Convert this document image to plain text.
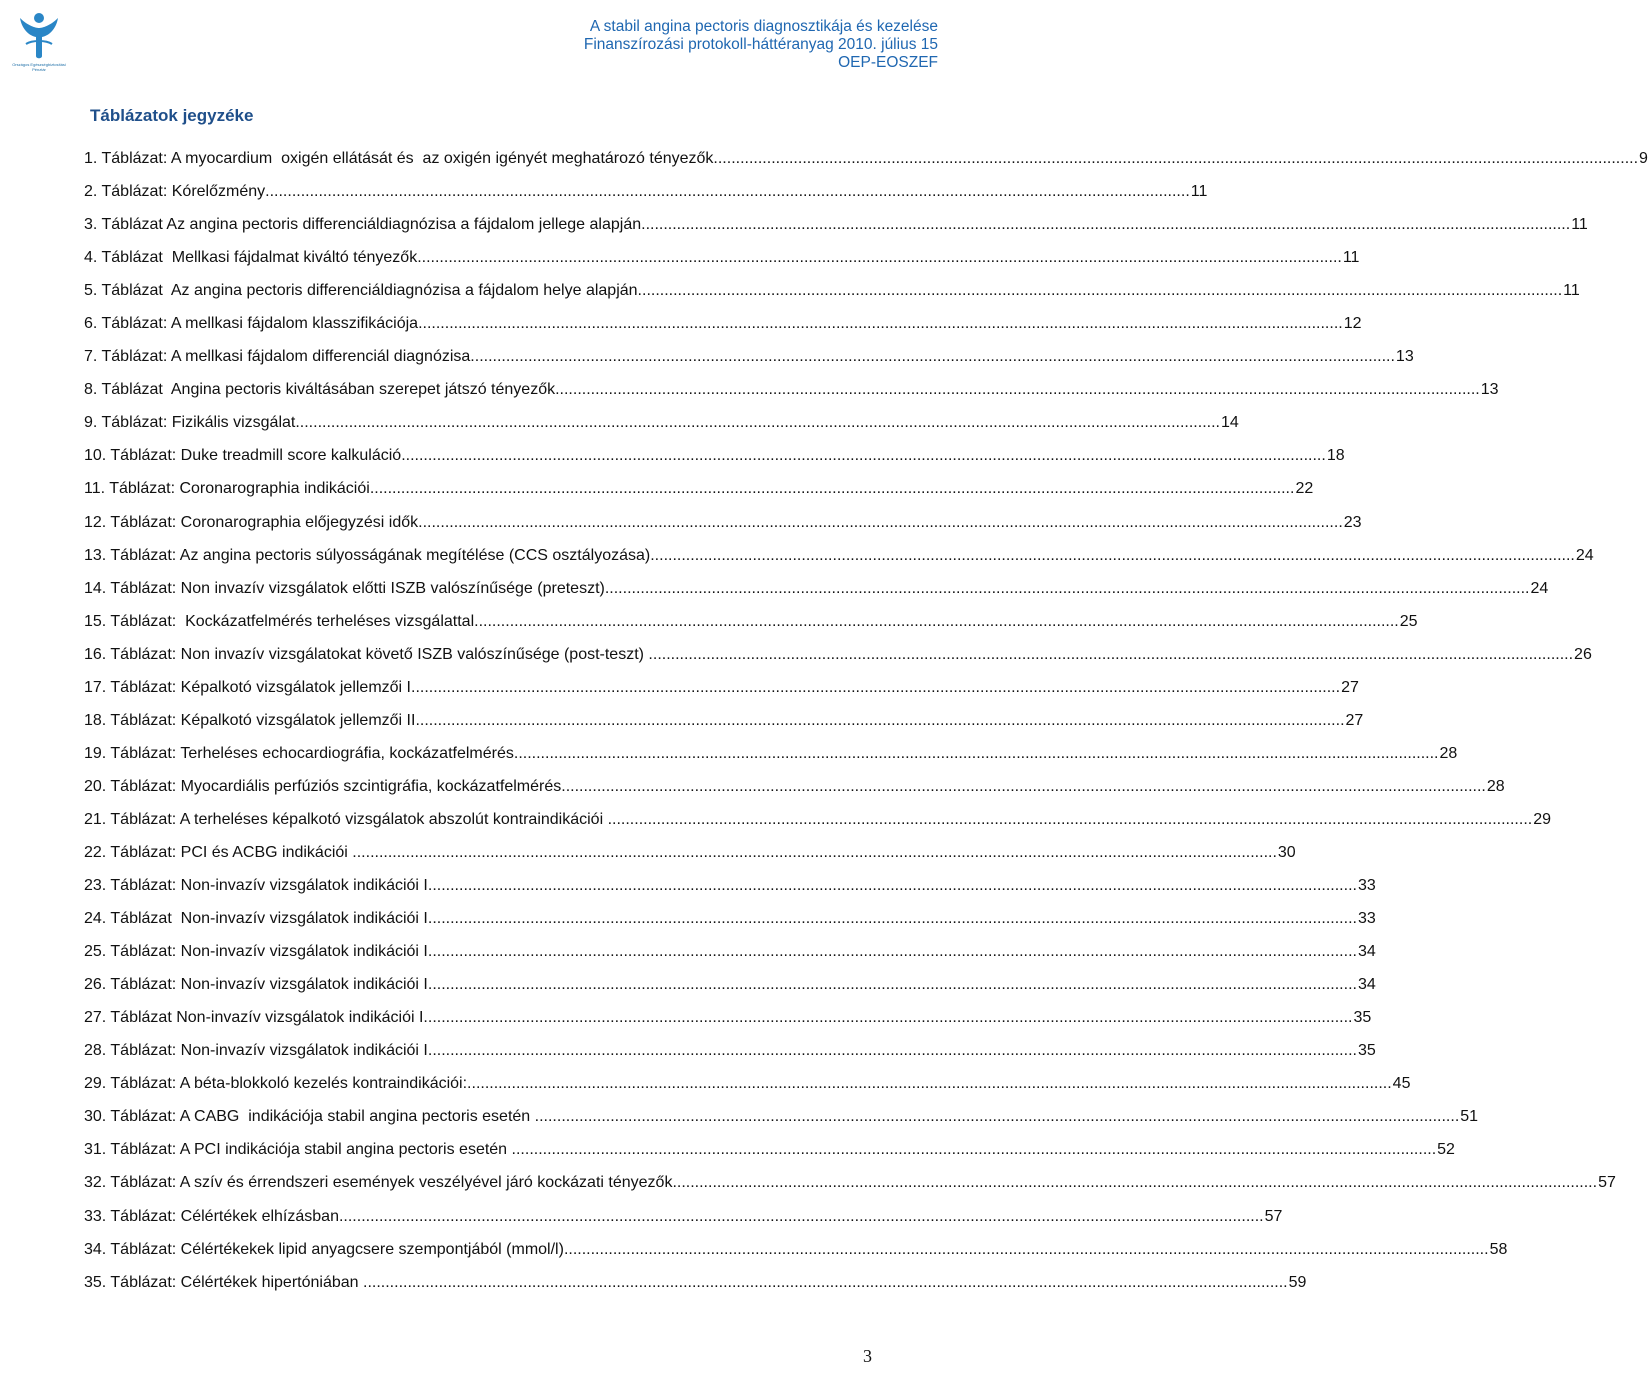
Országos Egészségbiztosítási Pénztár
A stabil angina pectoris diagnosztikája és kezelése
Finanszírozási protokoll-háttéranyag 2010. július 15
OEP-EOSZEF
Táblázatok jegyzéke
1. Táblázat: A myocardium  oxigén ellátását és  az oxigén igényét meghatározó tényezők .....	9
2. Táblázat: Kórelőzmény .....	11
3. Táblázat Az angina pectoris differenciáldiagnózisa a fájdalom jellege alapján. .....	11
4. Táblázat  Mellkasi fájdalmat kiváltó tényezők .....	11
5. Táblázat  Az angina pectoris differenciáldiagnózisa a fájdalom helye alapján .....	11
6. Táblázat: A mellkasi fájdalom klasszifikációja .....	12
7. Táblázat: A mellkasi fájdalom differenciál diagnózisa .....	13
8. Táblázat  Angina pectoris kiváltásában szerepet játszó tényezők .....	13
9. Táblázat: Fizikális vizsgálat .....	14
10. Táblázat: Duke treadmill score kalkuláció .....	18
11. Táblázat: Coronarographia indikációi .....	22
12. Táblázat: Coronarographia előjegyzési idők .....	23
13. Táblázat: Az angina pectoris súlyosságának megítélése (CCS osztályozása) .....	24
14. Táblázat: Non invazív vizsgálatok előtti ISZB valószínűsége (preteszt) .....	24
15. Táblázat:  Kockázatfelmérés terheléses vizsgálattal .....	25
16. Táblázat: Non invazív vizsgálatokat követő ISZB valószínűsége (post-teszt) .....	26
17. Táblázat: Képalkotó vizsgálatok jellemzői I. .....	27
18. Táblázat: Képalkotó vizsgálatok jellemzői II. .....	27
19. Táblázat: Terheléses echocardiográfia, kockázatfelmérés .....	28
20. Táblázat: Myocardiális perfúziós szcintigráfia, kockázatfelmérés .....	28
21. Táblázat: A terheléses képalkotó vizsgálatok abszolút kontraindikációi .....	29
22. Táblázat: PCI és ACBG indikációi .....	30
23. Táblázat: Non-invazív vizsgálatok indikációi I. .....	33
24. Táblázat  Non-invazív vizsgálatok indikációi I. .....	33
25. Táblázat: Non-invazív vizsgálatok indikációi I. .....	34
26. Táblázat: Non-invazív vizsgálatok indikációi I. .....	34
27. Táblázat Non-invazív vizsgálatok indikációi I. .....	35
28. Táblázat: Non-invazív vizsgálatok indikációi I. .....	35
29. Táblázat: A béta-blokkoló kezelés kontraindikációi: .....	45
30. Táblázat: A CABG  indikációja stabil angina pectoris esetén .....	51
31. Táblázat: A PCI indikációja stabil angina pectoris esetén .....	52
32. Táblázat: A szív és érrendszeri események veszélyével járó kockázati tényezők .....	57
33. Táblázat: Célértékek elhízásban .....	57
34. Táblázat: Célértékekek lipid anyagcsere szempontjából (mmol/l) .....	58
35. Táblázat: Célértékek hipertóniában .....	59
3
